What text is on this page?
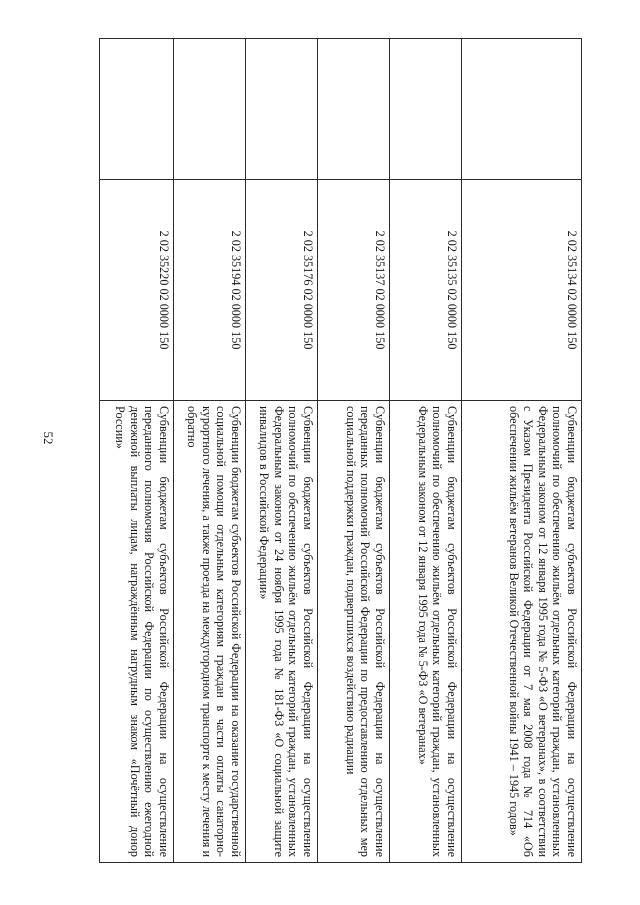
52
	2 02 35134 02 0000 150	Субвенции бюджетам субъектов Российской Федерации на осуществление полномочий по обеспечению жильём отдельных категорий граждан, установленных Федеральным законом от 12 января 1995 года № 5-ФЗ «О ветеранах», в соответствии с Указом Президента Российской Федерации от 7 мая 2008 года № 714 «Об обеспечении жильём ветеранов Великой Отечественной войны 1941 – 1945 годов»
	2 02 35135 02 0000 150	Субвенции бюджетам субъектов Российской Федерации на осуществление полномочий по обеспечению жильём отдельных категорий граждан, установленных Федеральным законом от 12 января 1995 года № 5-ФЗ «О ветеранах»
	2 02 35137 02 0000 150	Субвенции бюджетам субъектов Российской Федерации на осуществление переданных полномочий Российской Федерации по предоставлению отдельных мер социальной поддержки граждан, подвергшихся воздействию радиации
	2 02 35176 02 0000 150	Субвенции бюджетам субъектов Российской Федерации на осуществление полномочий по обеспечению жильём отдельных категорий граждан, установленных Федеральным законом от 24 ноября 1995 года № 181-ФЗ «О социальной защите инвалидов в Российской Федерации»
	2 02 35194 02 0000 150	Субвенции бюджетам субъектов Российской Федерации на оказание государственной социальной помощи отдельным категориям граждан в части оплаты санаторно-курортного лечения, а также проезда на междугородном транспорте к месту лечения и обратно
	2 02 35220 02 0000 150	Субвенции бюджетам субъектов Российской Федерации на осуществление переданного полномочия Российской Федерации по осуществлению ежегодной денежной выплаты лицам, награждённым нагрудным знаком «Почётный донор России»
